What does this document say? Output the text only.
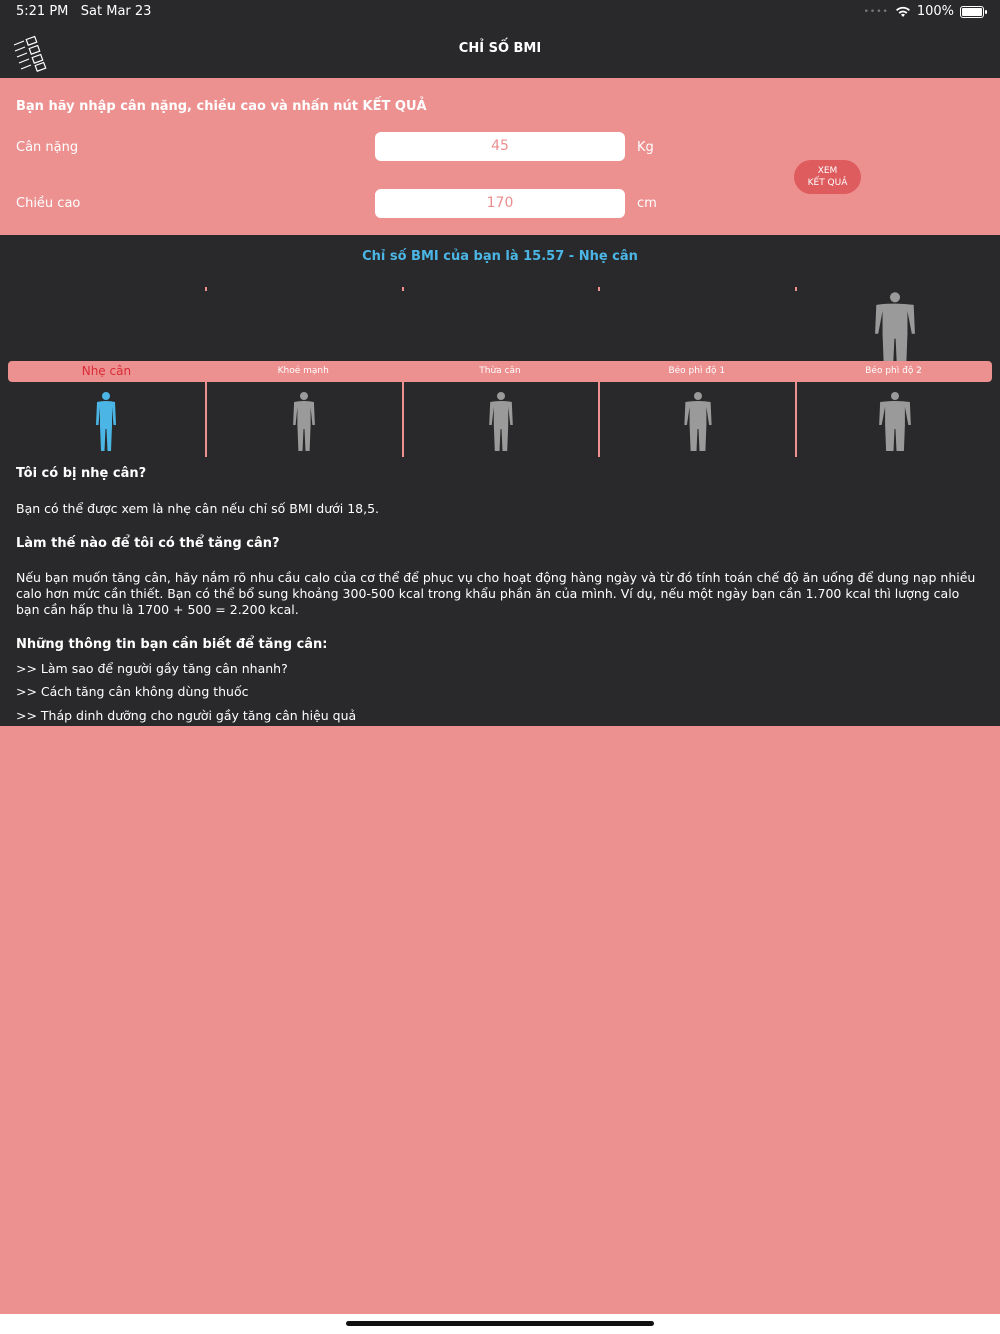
5:21 PM Sat Mar 23	•••• 100%
CHỈ SỐ BMI
Bạn hãy nhập cân nặng, chiều cao và nhấn nút KẾT QUẢ
Cân nặng	45	Kg
Chiều cao	170	cm
XEM
KẾT QUẢ
Chỉ số BMI của bạn là 15.57 - Nhẹ cân
Nhẹ cân	Khoẻ mạnh	Thừa cân	Béo phì độ 1	Béo phì độ 2
Tôi có bị nhẹ cân?
Bạn có thể được xem là nhẹ cân nếu chỉ số BMI dưới 18,5.
Làm thế nào để tôi có thể tăng cân?
Nếu bạn muốn tăng cân, hãy nắm rõ nhu cầu calo của cơ thể để phục vụ cho hoạt động hàng ngày và từ đó tính toán chế độ ăn uống để dung nạp nhiều calo hơn mức cần thiết. Bạn có thể bổ sung khoảng 300-500 kcal trong khẩu phần ăn của mình. Ví dụ, nếu một ngày bạn cần 1.700 kcal thì lượng calo bạn cần hấp thu là 1700 + 500 = 2.200 kcal.
Những thông tin bạn cần biết để tăng cân:
>> Làm sao để người gầy tăng cân nhanh?
>> Cách tăng cân không dùng thuốc
>> Tháp dinh dưỡng cho người gầy tăng cân hiệu quả
